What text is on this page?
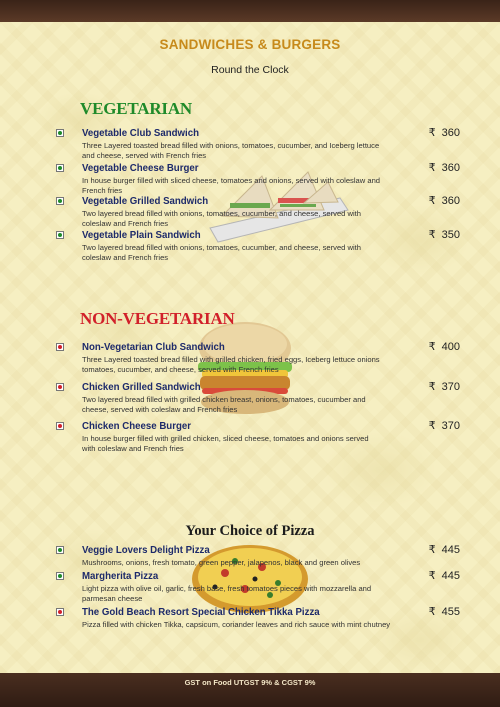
SANDWICHES & BURGERS
Round the Clock
VEGETARIAN
Vegetable Club Sandwich
Three Layered toasted bread filled with onions, tomatoes, cucumber, and Iceberg lettuce and cheese, served with French fries
₹ 360
Vegetable Cheese Burger
In house burger filled with sliced cheese, tomatoes and onions, served with coleslaw and French fries
₹ 360
Vegetable Grilled Sandwich
Two layered bread filled with onions, tomatoes, cucumber, and cheese, served with coleslaw and French fries
₹ 360
Vegetable Plain Sandwich
Two layered bread filled with onions, tomatoes, cucumber, and cheese, served with coleslaw and French fries
₹ 350
NON-VEGETARIAN
Non-Vegetarian Club Sandwich
Three Layered toasted bread filled with grilled chicken, fried eggs, Iceberg lettuce onions tomatoes, cucumber, and cheese, served with French fries
₹ 400
Chicken Grilled Sandwich
Two layered bread filled with grilled chicken breast, onions, tomatoes, cucumber and cheese, served with coleslaw and French fries
₹ 370
Chicken Cheese Burger
In house burger filled with grilled chicken, sliced cheese, tomatoes and onions served with coleslaw and French fries
₹ 370
Your Choice of Pizza
Veggie Lovers Delight Pizza
Mushrooms, onions, fresh tomato, green pepper, jalapenos, black and green olives
₹ 445
Margherita Pizza
Light pizza with olive oil, garlic, fresh base, fresh tomatoes pieces with mozzarella and parmesan cheese
₹ 445
The Gold Beach Resort Special Chicken Tikka Pizza
Pizza filled with chicken Tikka, capsicum, coriander leaves and rich sauce with mint chutney
₹ 455
GST on Food UTGST 9% & CGST 9%
